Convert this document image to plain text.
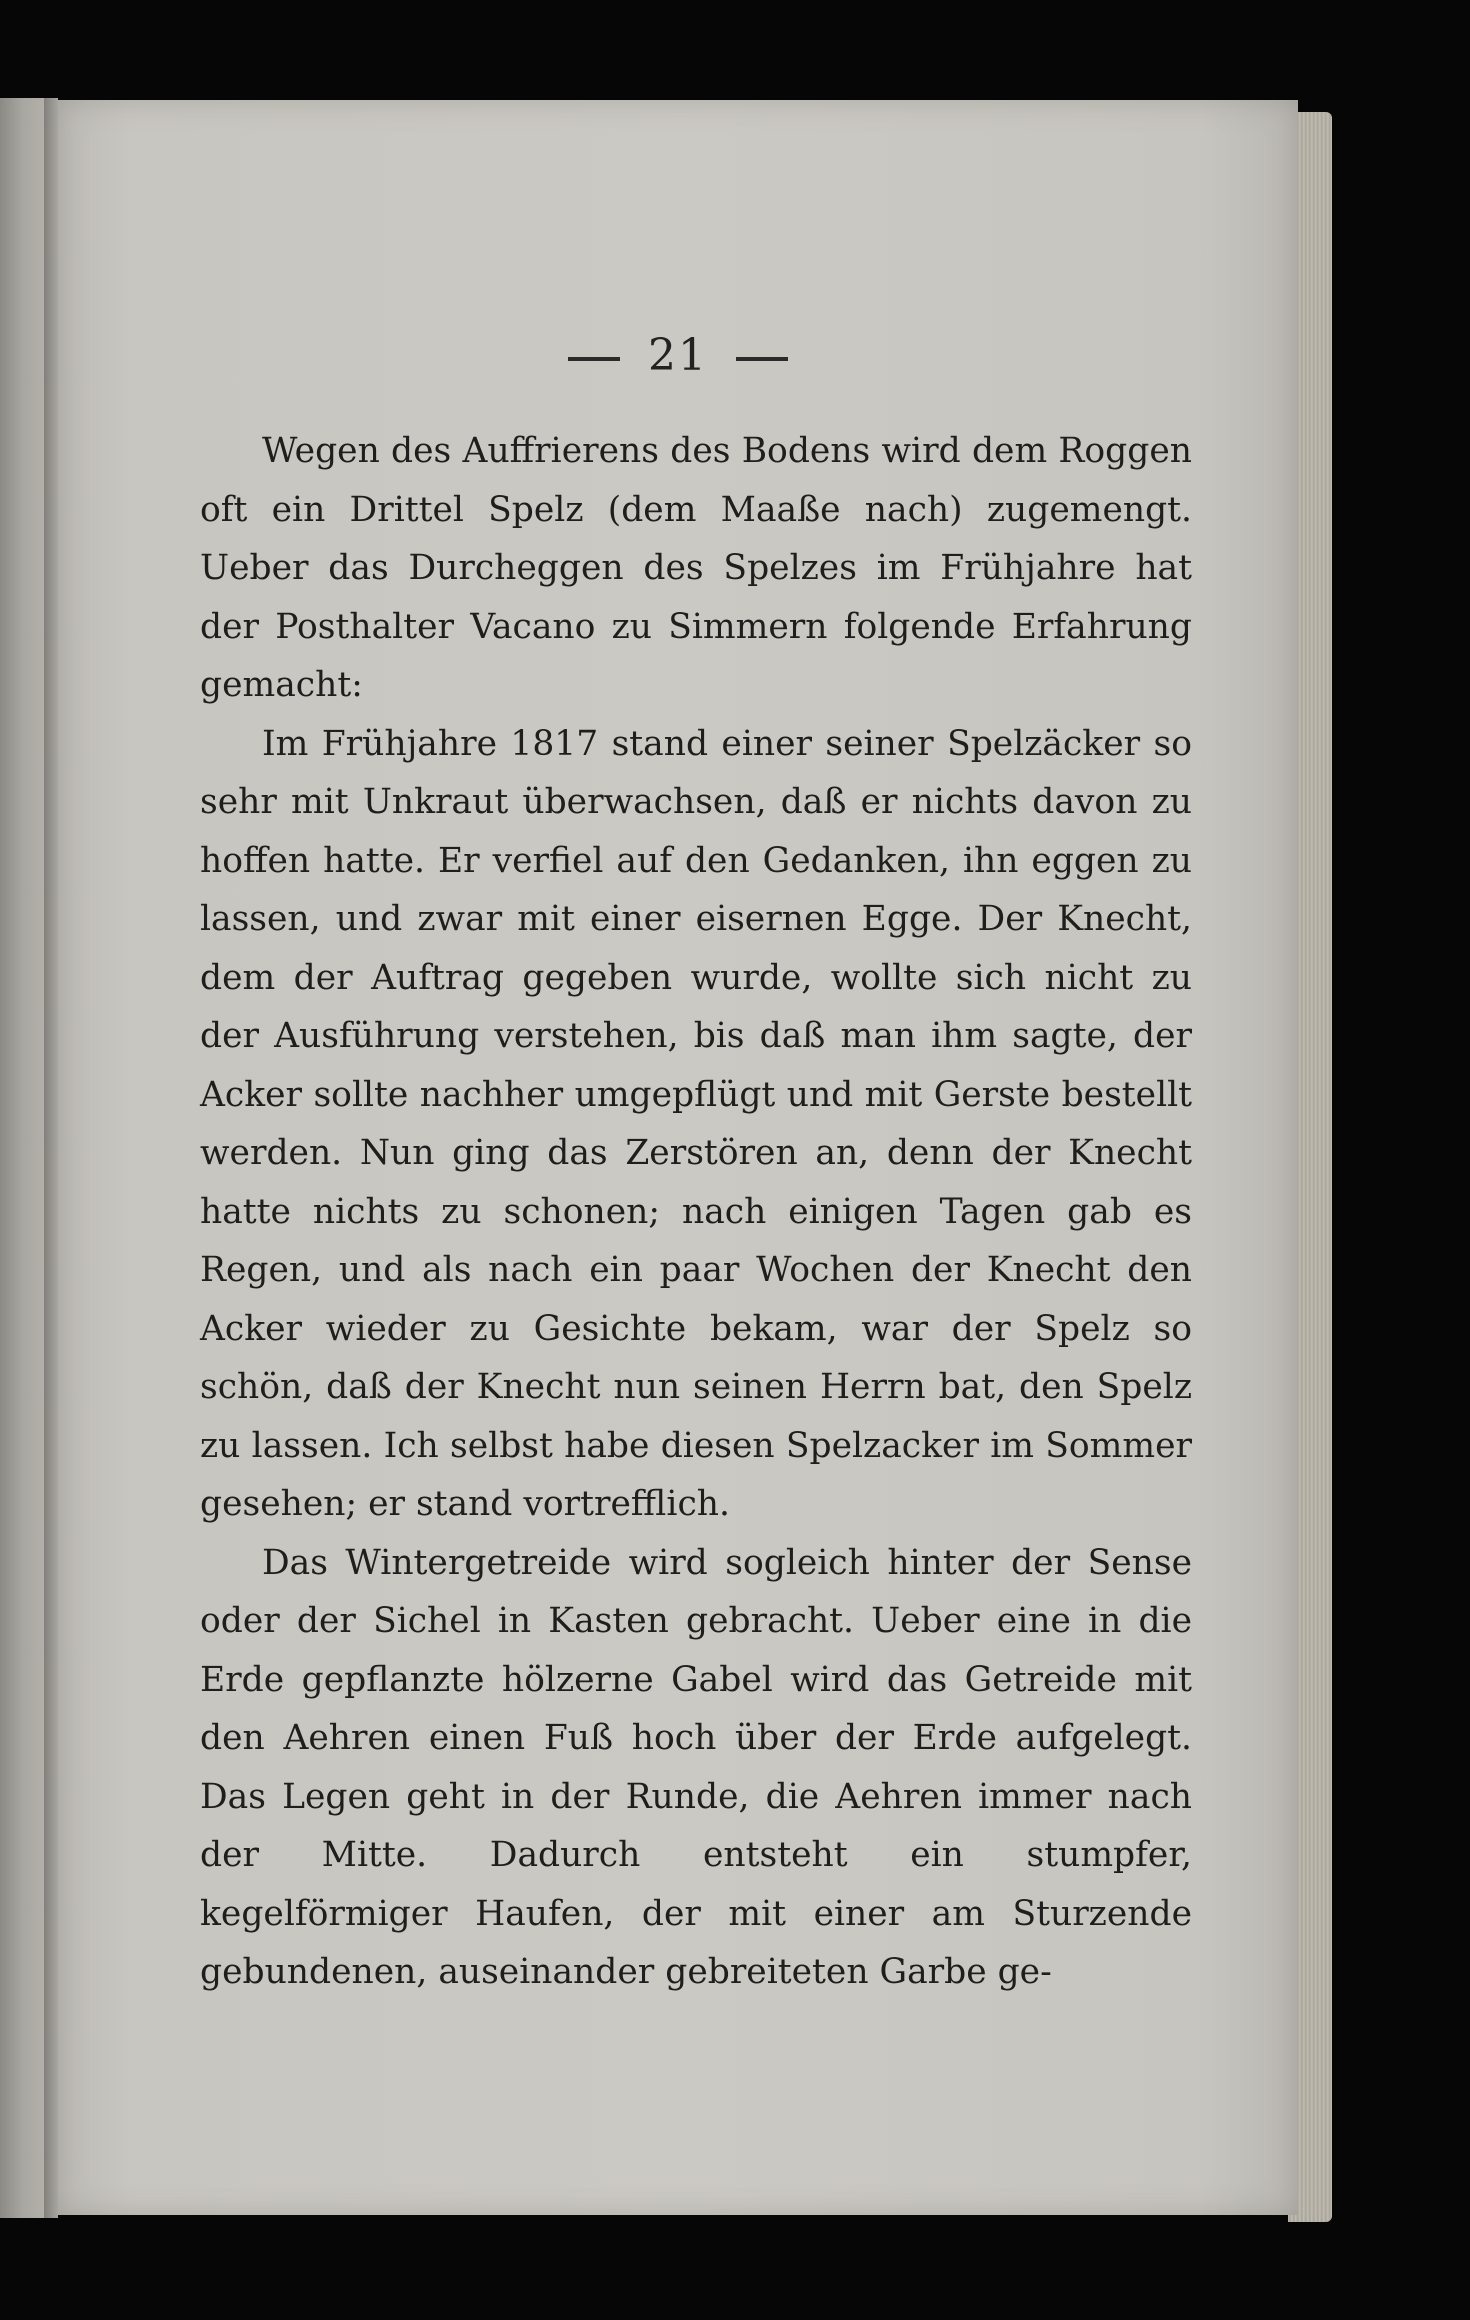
21

Wegen des Auffrierens des Bodens wird dem Roggen oft ein Drittel Spelz (dem Maaße nach) zugemengt. Ueber das Durcheggen des Spelzes im Frühjahre hat der Posthalter Vacano zu Simmern folgende Erfahrung gemacht:

Im Frühjahre 1817 stand einer seiner Spelzäcker so sehr mit Unkraut überwachsen, daß er nichts davon zu hoffen hatte. Er verfiel auf den Gedanken, ihn eggen zu lassen, und zwar mit einer eisernen Egge. Der Knecht, dem der Auftrag gegeben wurde, wollte sich nicht zu der Ausführung verstehen, bis daß man ihm sagte, der Acker sollte nachher umgepflügt und mit Gerste bestellt werden. Nun ging das Zerstören an, denn der Knecht hatte nichts zu schonen; nach einigen Tagen gab es Regen, und als nach ein paar Wochen der Knecht den Acker wieder zu Gesichte bekam, war der Spelz so schön, daß der Knecht nun seinen Herrn bat, den Spelz zu lassen. Ich selbst habe diesen Spelzacker im Sommer gesehen; er stand vortrefflich.

Das Wintergetreide wird sogleich hinter der Sense oder der Sichel in Kasten gebracht. Ueber eine in die Erde gepflanzte hölzerne Gabel wird das Getreide mit den Aehren einen Fuß hoch über der Erde aufgelegt. Das Legen geht in der Runde, die Aehren immer nach der Mitte. Dadurch entsteht ein stumpfer, kegelförmiger Haufen, der mit einer am Sturzende gebundenen, auseinander gebreiteten Garbe ge-
